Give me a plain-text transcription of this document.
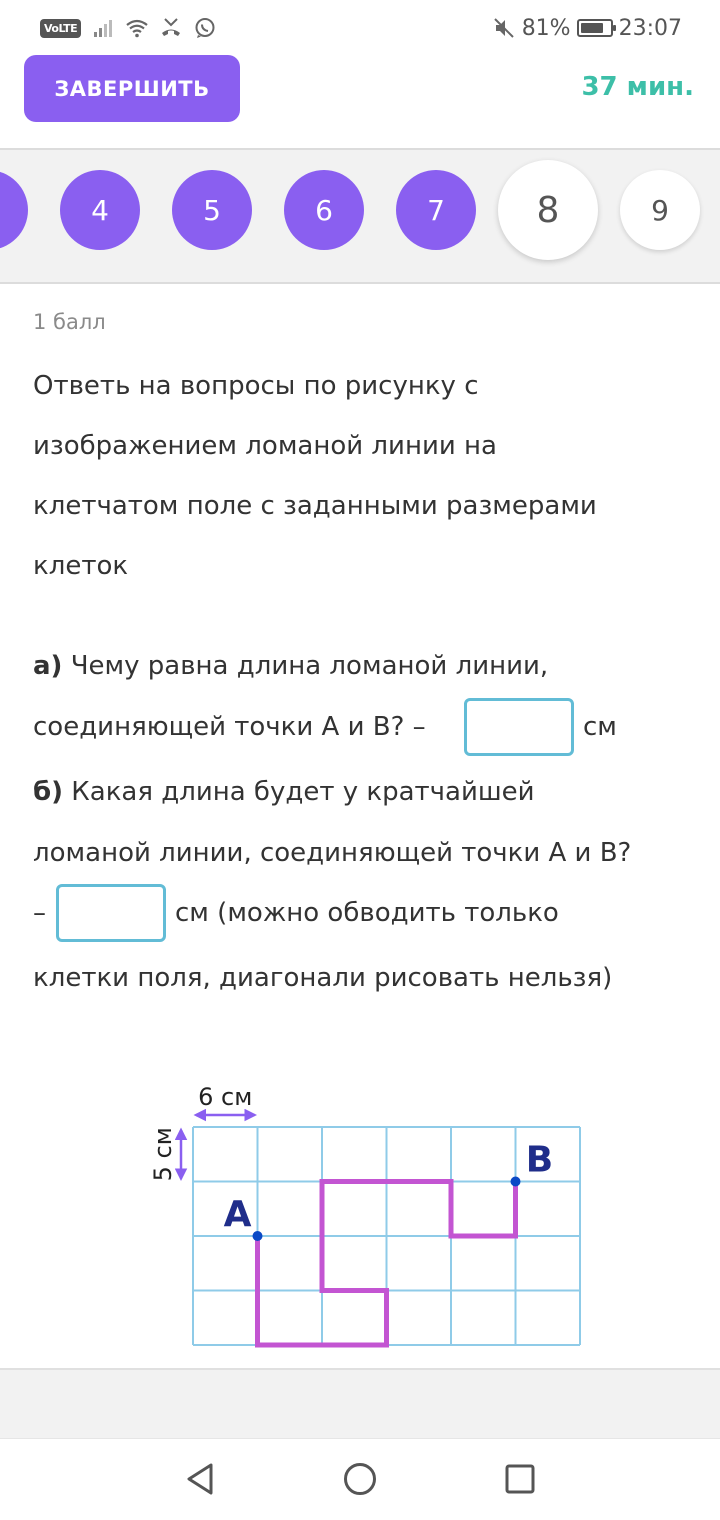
VoLTE	81% 23:07
ЗАВЕРШИТЬ	37 мин.
4	5	6	7	8	9
1 балл
Ответь на вопросы по рисунку с
изображением ломаной линии на
клетчатом поле с заданными размерами
клеток
а) Чему равна длина ломаной линии,
соединяющей точки А и В? –	см
б) Какая длина будет у кратчайшей
ломаной линии, соединяющей точки А и В?
–	см (можно обводить только
клетки поля, диагонали рисовать нельзя)
6 см
5 см
A
B
